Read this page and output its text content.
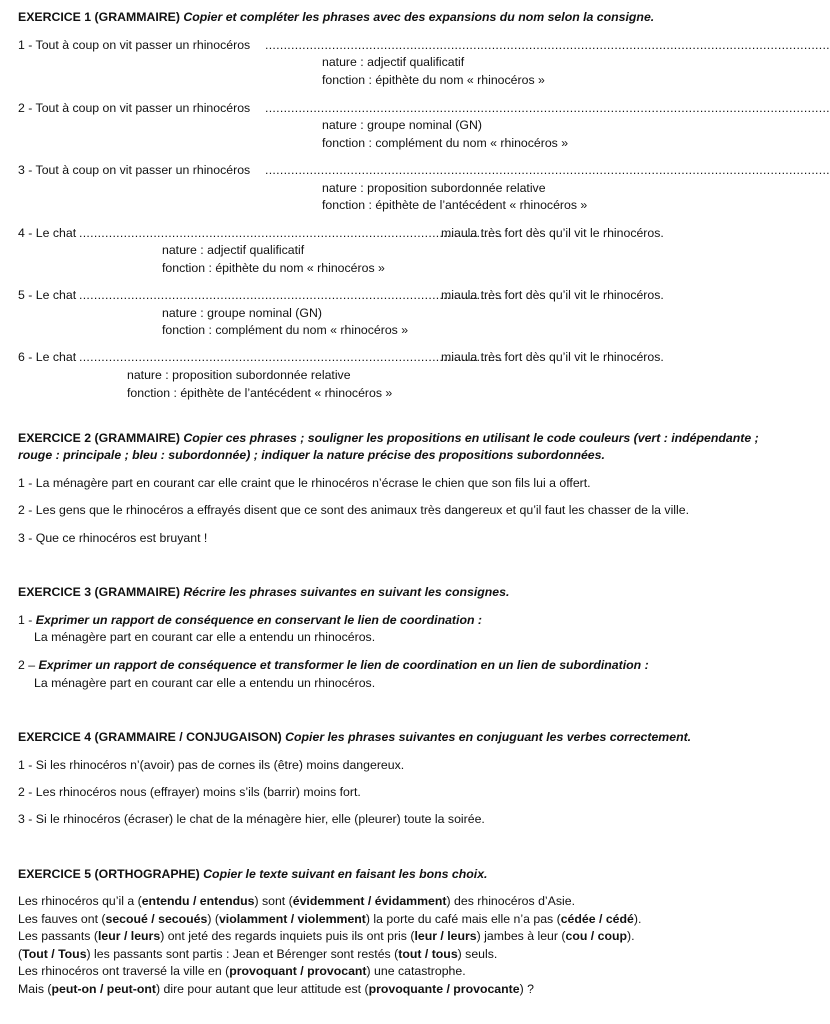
EXERCICE 1 (GRAMMAIRE) Copier et compléter les phrases avec des expansions du nom selon la consigne.
1 - Tout à coup on vit passer un rhinocéros ........................................................................................................................................................
nature : adjectif qualificatif
fonction : épithète du nom « rhinocéros »
2 - Tout à coup on vit passer un rhinocéros ........................................................................................................................................................
nature : groupe nominal (GN)
fonction : complément du nom « rhinocéros »
3 - Tout à coup on vit passer un rhinocéros ........................................................................................................................................................
nature : proposition subordonnée relative
fonction : épithète de l’antécédent « rhinocéros »
4 - Le chat ..................................................................................................................
miaula très fort dès qu’il vit le rhinocéros.
nature : adjectif qualificatif
fonction : épithète du nom « rhinocéros »
5 - Le chat ..................................................................................................................
miaula très fort dès qu’il vit le rhinocéros.
nature : groupe nominal (GN)
fonction : complément du nom « rhinocéros »
6 - Le chat ..................................................................................................................
miaula très fort dès qu’il vit le rhinocéros.
nature : proposition subordonnée relative
fonction : épithète de l’antécédent « rhinocéros »
EXERCICE 2 (GRAMMAIRE) Copier ces phrases ; souligner les propositions en utilisant le code couleurs (vert : indépendante ;
rouge : principale ; bleu : subordonnée) ; indiquer la nature précise des propositions subordonnées.
1 - La ménagère part en courant car elle craint que le rhinocéros n’écrase le chien que son fils lui a offert.
2 - Les gens que le rhinocéros a effrayés disent que ce sont des animaux très dangereux et qu’il faut les chasser de la ville.
3 - Que ce rhinocéros est bruyant !
EXERCICE 3 (GRAMMAIRE) Récrire les phrases suivantes en suivant les consignes.
1 - Exprimer un rapport de conséquence en conservant le lien de coordination :
La ménagère part en courant car elle a entendu un rhinocéros.
2 – Exprimer un rapport de conséquence et transformer le lien de coordination en un lien de subordination :
La ménagère part en courant car elle a entendu un rhinocéros.
EXERCICE 4 (GRAMMAIRE / CONJUGAISON) Copier les phrases suivantes en conjuguant les verbes correctement.
1 - Si les rhinocéros n’(avoir) pas de cornes ils (être) moins dangereux.
2 - Les rhinocéros nous (effrayer) moins s’ils (barrir) moins fort.
3 - Si le rhinocéros (écraser) le chat de la ménagère hier, elle (pleurer) toute la soirée.
EXERCICE 5 (ORTHOGRAPHE) Copier le texte suivant en faisant les bons choix.
Les rhinocéros qu’il a (entendu / entendus) sont (évidemment / évidamment) des rhinocéros d’Asie.
Les fauves ont (secoué / secoués) (violamment / violemment) la porte du café mais elle n’a pas (cédée / cédé).
Les passants (leur / leurs) ont jeté des regards inquiets puis ils ont pris (leur / leurs) jambes à leur (cou / coup).
(Tout / Tous) les passants sont partis : Jean et Bérenger sont restés (tout / tous) seuls.
Les rhinocéros ont traversé la ville en (provoquant / provocant) une catastrophe.
Mais (peut-on / peut-ont) dire pour autant que leur attitude est (provoquante / provocante) ?
